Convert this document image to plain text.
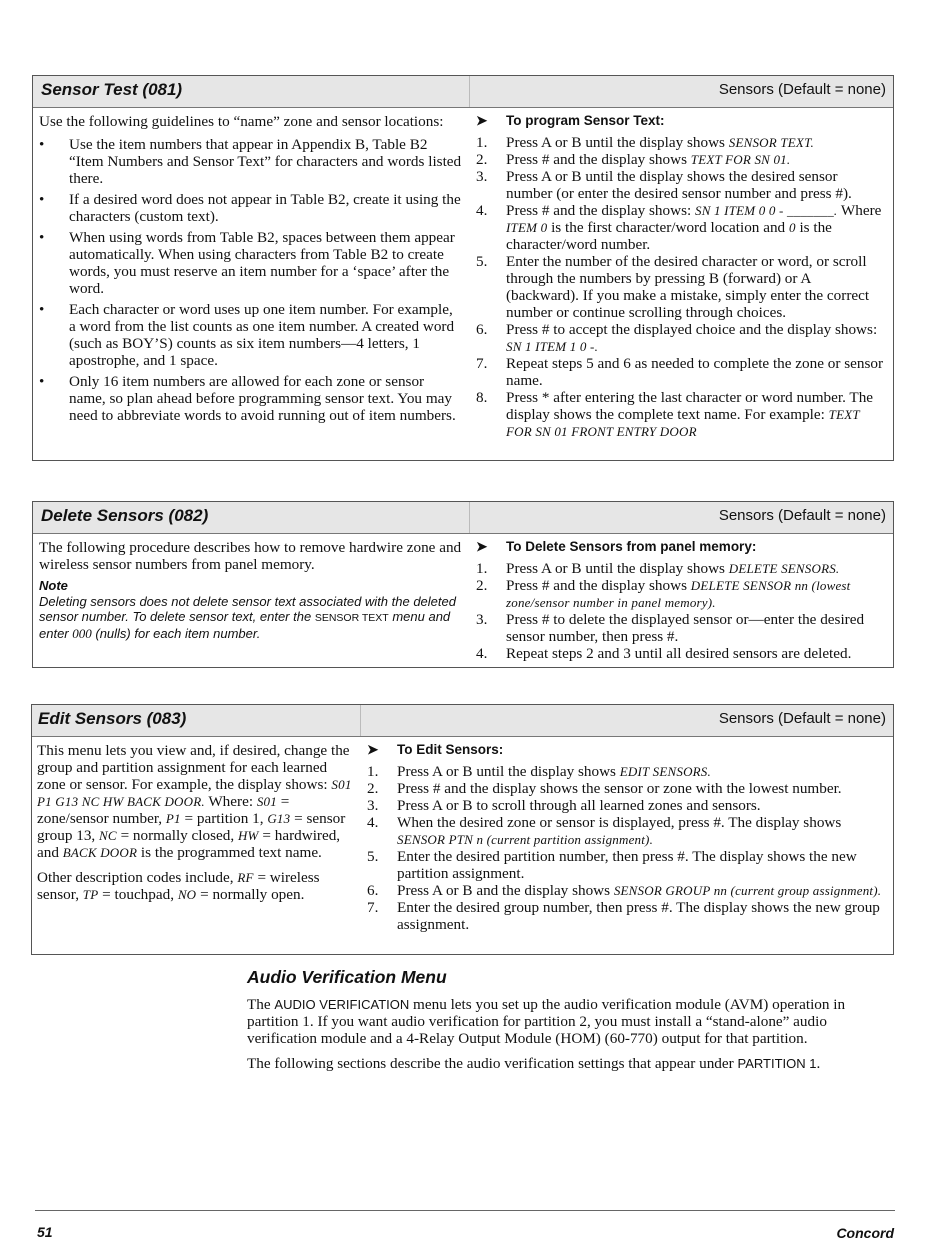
Sensor Test (081)	Sensors (Default = none)

Use the following guidelines to “name” zone and sensor locations:

• Use the item numbers that appear in Appendix B, Table B2 “Item Numbers and Sensor Text” for characters and words listed there.
• If a desired word does not appear in Table B2, create it using the characters (custom text).
• When using words from Table B2, spaces between them appear automatically. When using characters from Table B2 to create words, you must reserve an item number for a ‘space’ after the word.
• Each character or word uses up one item number. For example, a word from the list counts as one item number. A created word (such as BOY’S) counts as six item numbers—4 letters, 1 apostrophe, and 1 space.
• Only 16 item numbers are allowed for each zone or sensor name, so plan ahead before programming sensor text. You may need to abbreviate words to avoid running out of item numbers.
➤	To program Sensor Text:
1.	Press A or B until the display shows SENSOR TEXT.
2.	Press # and the display shows TEXT FOR SN 01.
3.	Press A or B until the display shows the desired sensor number (or enter the desired sensor number and press #).
4.	Press # and the display shows: SN 1 ITEM 0 0 - _______. Where ITEM 0 is the first character/word location and 0 is the character/word number.
5.	Enter the number of the desired character or word, or scroll through the numbers by pressing B (forward) or A (backward). If you make a mistake, simply enter the correct number or continue scrolling through choices.
6.	Press # to accept the displayed choice and the display shows: SN 1 ITEM 1 0 -.
7.	Repeat steps 5 and 6 as needed to complete the zone or sensor name.
8.	Press * after entering the last character or word number. The display shows the complete text name. For example: TEXT FOR SN 01 FRONT ENTRY DOOR
Delete Sensors (082)	Sensors (Default = none)

The following procedure describes how to remove hardwire zone and wireless sensor numbers from panel memory.

Note
Deleting sensors does not delete sensor text associated with the deleted sensor number. To delete sensor text, enter the SENSOR TEXT menu and enter 000 (nulls) for each item number.
➤	To Delete Sensors from panel memory:
1.	Press A or B until the display shows DELETE SENSORS.
2.	Press # and the display shows DELETE SENSOR nn (lowest zone/sensor number in panel memory).
3.	Press # to delete the displayed sensor or—enter the desired sensor number, then press #.
4.	Repeat steps 2 and 3 until all desired sensors are deleted.
Edit Sensors (083)	Sensors (Default = none)

This menu lets you view and, if desired, change the group and partition assignment for each learned zone or sensor. For example, the display shows: S01 P1 G13 NC HW BACK DOOR. Where: S01 = zone/sensor number, P1 = partition 1, G13 = sensor group 13, NC = normally closed, HW = hardwired, and BACK DOOR is the programmed text name.

Other description codes include, RF = wireless sensor, TP = touchpad, NO = normally open.

➤	To Edit Sensors:
1.	Press A or B until the display shows EDIT SENSORS.
2.	Press # and the display shows the sensor or zone with the lowest number.
3.	Press A or B to scroll through all learned zones and sensors.
4.	When the desired zone or sensor is displayed, press #. The display shows SENSOR PTN n (current partition assignment).
5.	Enter the desired partition number, then press #. The display shows the new partition assignment.
6.	Press A or B and the display shows SENSOR GROUP nn (current group assignment).
7.	Enter the desired group number, then press #. The display shows the new group assignment.
Audio Verification Menu

The AUDIO VERIFICATION menu lets you set up the audio verification module (AVM) operation in partition 1. If you want audio verification for partition 2, you must install a “stand-alone” audio verification module and a 4-Relay Output Module (HOM) (60-770) output for that partition.

The following sections describe the audio verification settings that appear under PARTITION 1.

51	Concord
